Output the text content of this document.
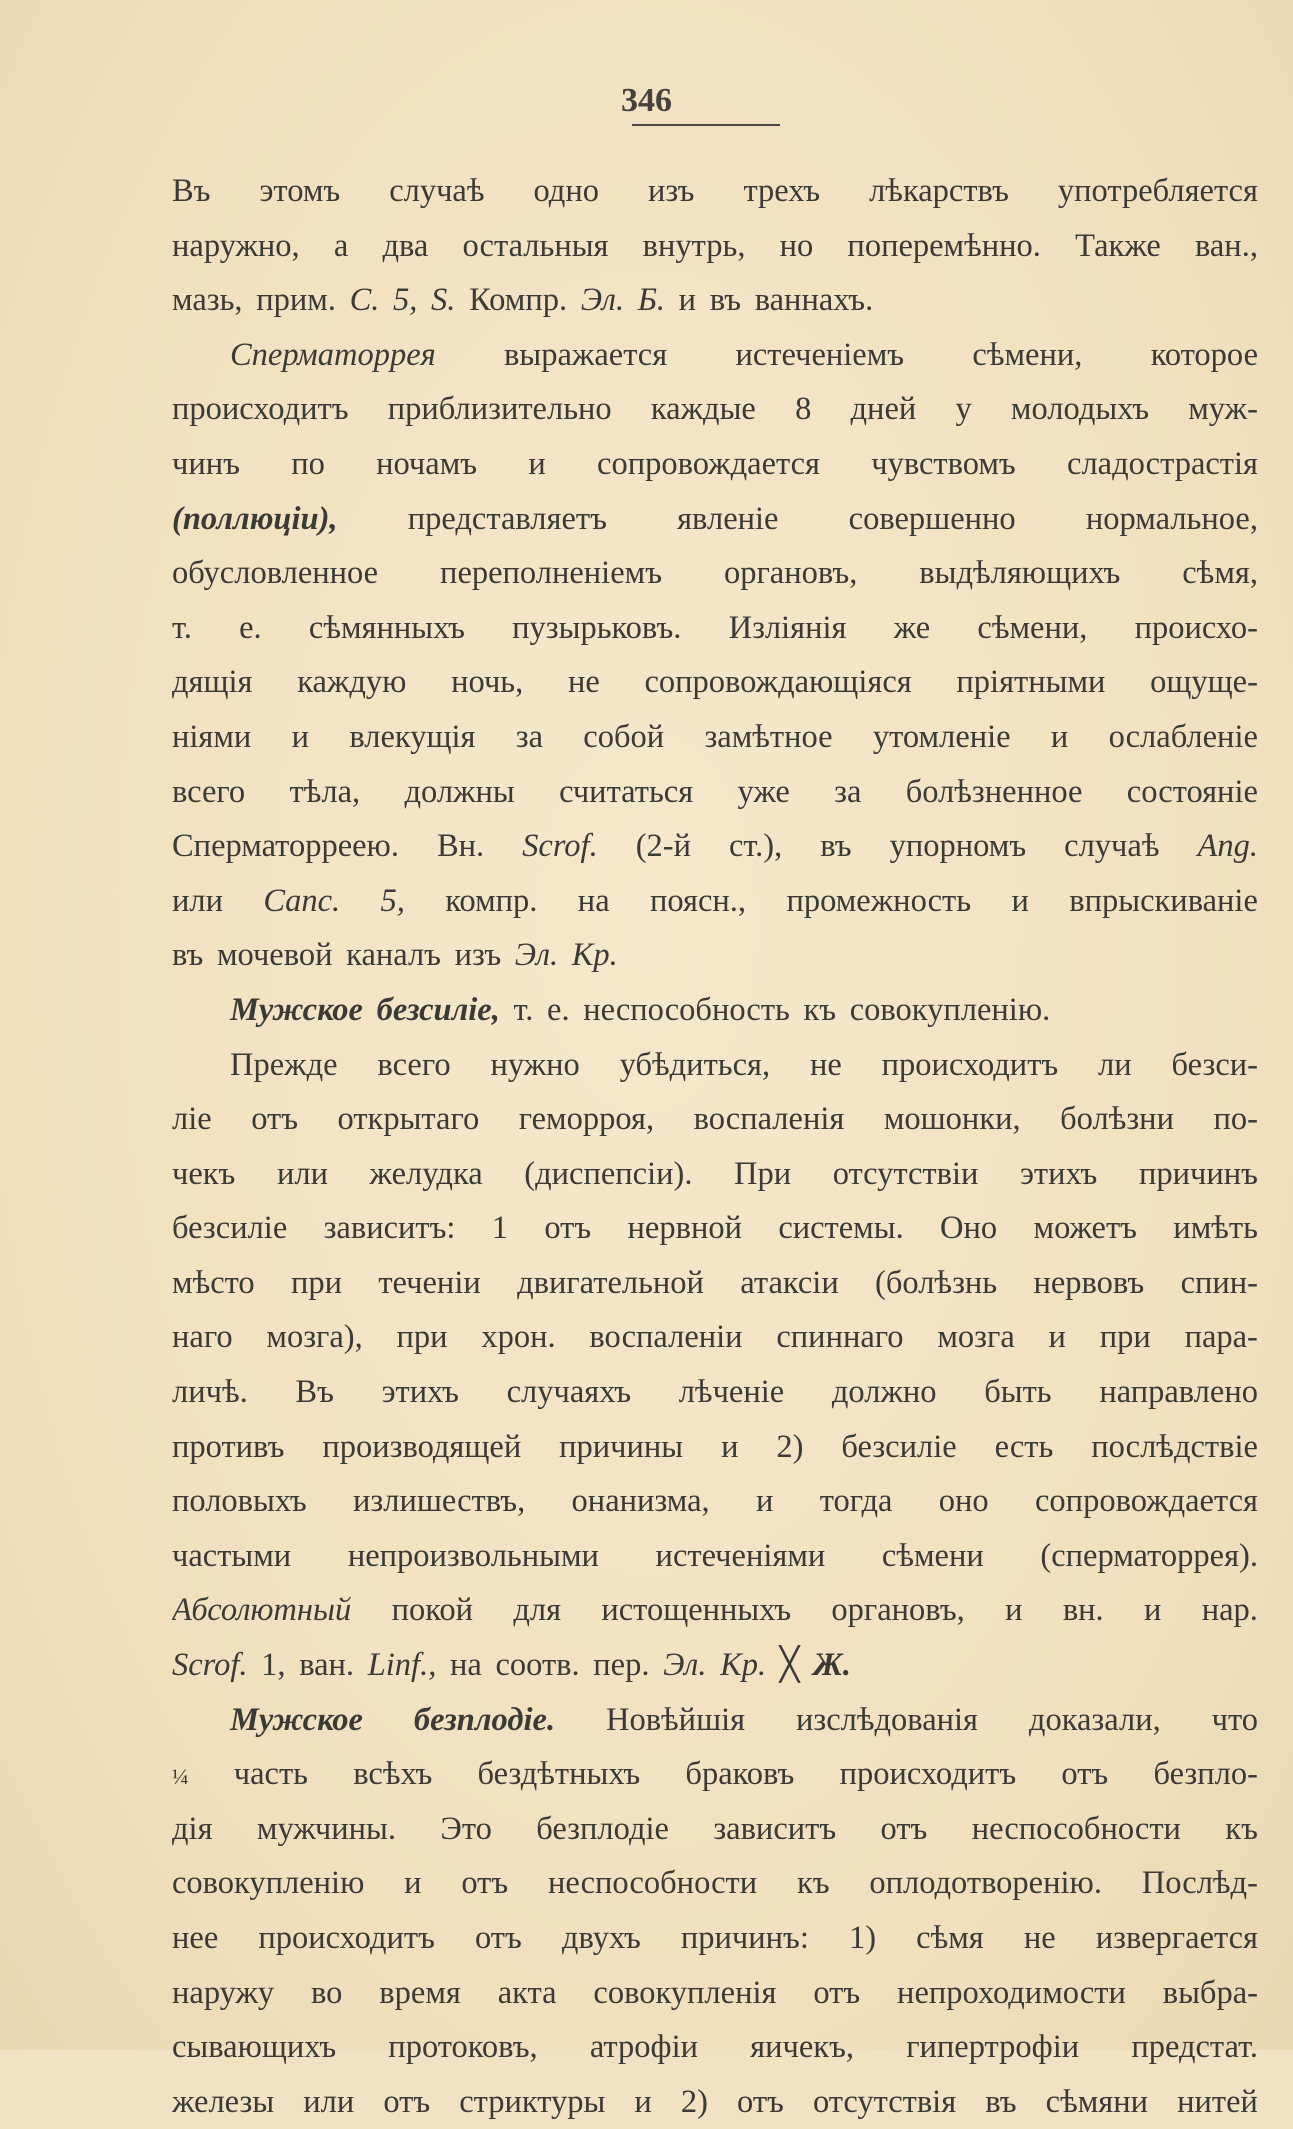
346
Въ этомъ случаѣ одно изъ трехъ лѣкарствъ употребляется
наружно, а два остальныя внутрь, но поперемѣнно. Также ван.,
мазь, прим. С. 5, S. Компр. Эл. Б. и въ ваннахъ.
Сперматоррея выражается истеченіемъ сѣмени, которое
происходитъ приблизительно каждые 8 дней у молодыхъ муж-
чинъ по ночамъ и сопровождается чувствомъ сладострастія
(поллюціи), представляетъ явленіе совершенно нормальное,
обусловленное переполненіемъ органовъ, выдѣляющихъ сѣмя,
т. е. сѣмянныхъ пузырьковъ. Изліянія же сѣмени, происхо-
дящія каждую ночь, не сопровождающіяся пріятными ощуще-
ніями и влекущія за собой замѣтное утомленіе и ослабленіе
всего тѣла, должны считаться уже за болѣзненное состояніе
Сперматорреею. Вн. Scrof. (2-й ст.), въ упорномъ случаѣ Ang.
или Canc. 5, компр. на поясн., промежность и впрыскиваніе
въ мочевой каналъ изъ Эл. Кр.
Мужское безсиліе, т. е. неспособность къ совокупленію.
Прежде всего нужно убѣдиться, не происходитъ ли безси-
ліе отъ открытаго геморроя, воспаленія мошонки, болѣзни по-
чекъ или желудка (диспепсіи). При отсутствіи этихъ причинъ
безсиліе зависитъ: 1 отъ нервной системы. Оно можетъ имѣть
мѣсто при теченіи двигательной атаксіи (болѣзнь нервовъ спин-
наго мозга), при хрон. воспаленіи спиннаго мозга и при пара-
личѣ. Въ этихъ случаяхъ лѣченіе должно быть направлено
противъ производящей причины и 2) безсиліе есть послѣдствіе
половыхъ излишествъ, онанизма, и тогда оно сопровождается
частыми непроизвольными истеченіями сѣмени (сперматоррея).
Абсолютный покой для истощенныхъ органовъ, и вн. и нар.
Scrof. 1, ван. Linf., на соотв. пер. Эл. Кр. ╳ Ж.
Мужское безплодіе. Новѣйшія изслѣдованія доказали, что
¼ часть всѣхъ бездѣтныхъ браковъ происходитъ отъ безпло-
дія мужчины. Это безплодіе зависитъ отъ неспособности къ
совокупленію и отъ неспособности къ оплодотворенію. Послѣд-
нее происходитъ отъ двухъ причинъ: 1) сѣмя не извергается
наружу во время акта совокупленія отъ непроходимости выбра-
сывающихъ протоковъ, атрофіи яичекъ, гипертрофіи предстат.
железы или отъ стриктуры и 2) отъ отсутствія въ сѣмяни нитей
